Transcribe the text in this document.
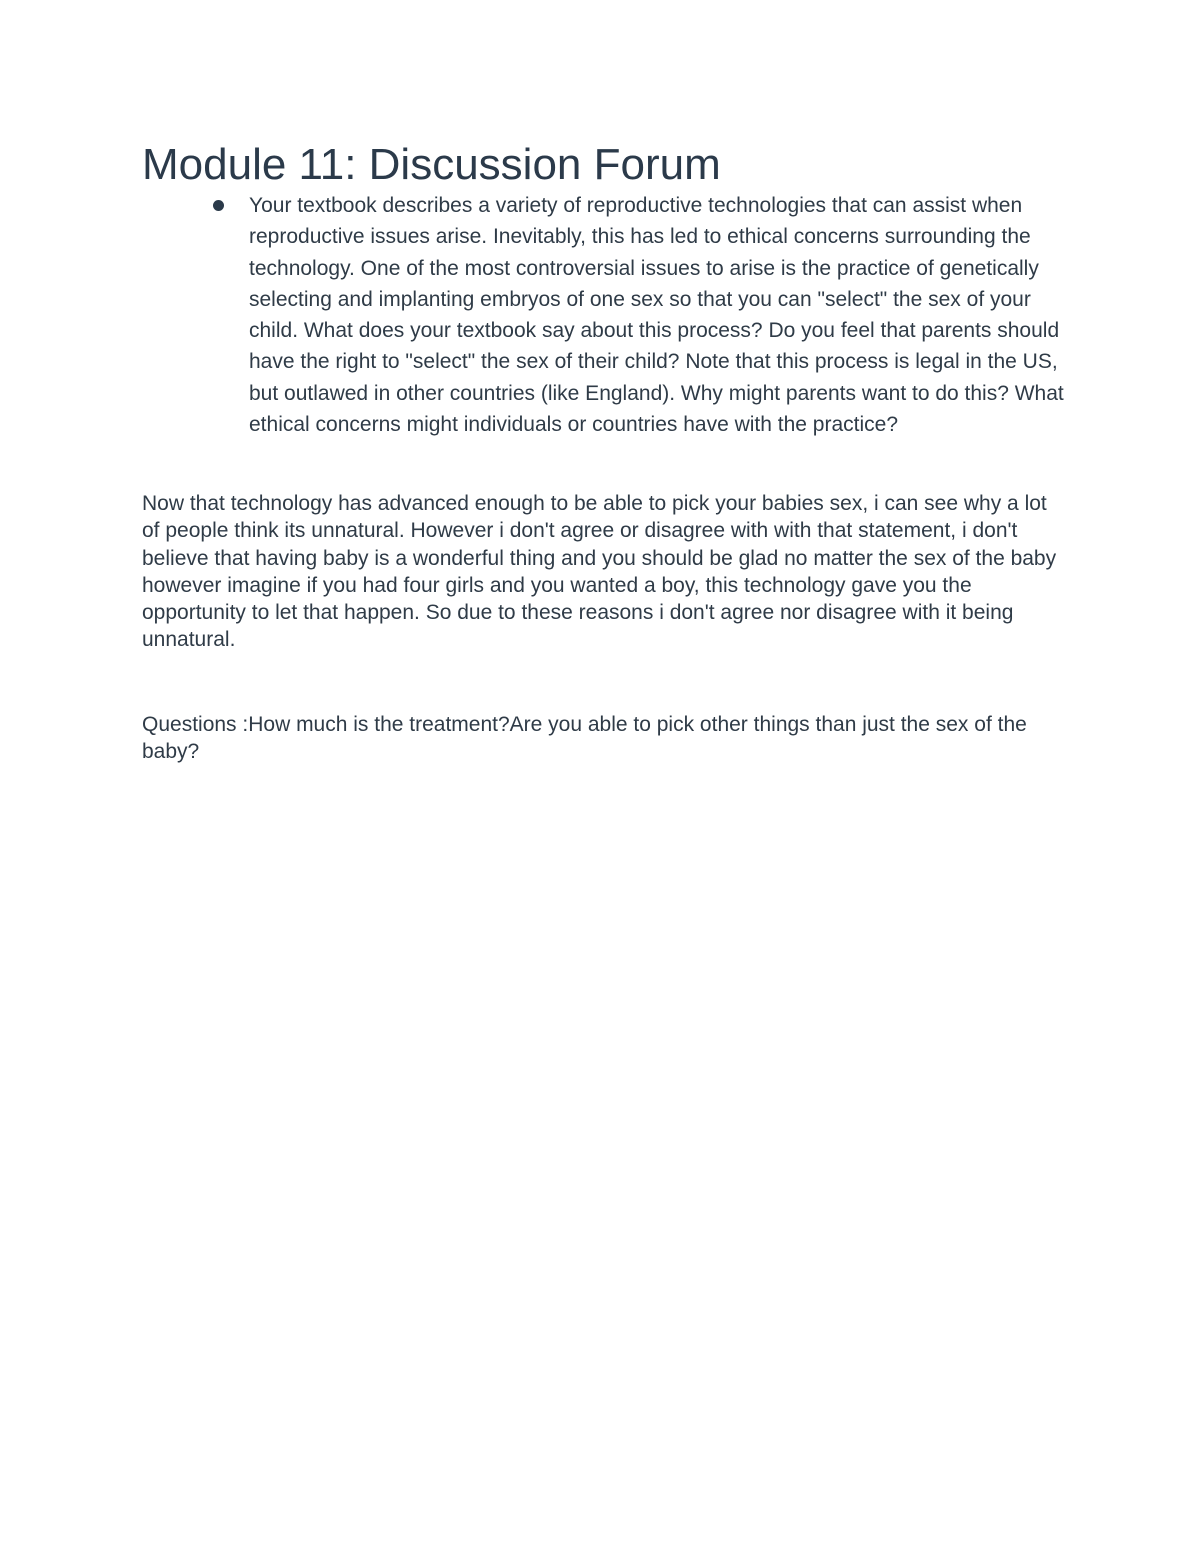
Module 11: Discussion Forum
Your textbook describes a variety of reproductive technologies that can assist when reproductive issues arise. Inevitably, this has led to ethical concerns surrounding the technology. One of the most controversial issues to arise is the practice of genetically selecting and implanting embryos of one sex so that you can "select" the sex of your child. What does your textbook say about this process? Do you feel that parents should have the right to "select" the sex of their child? Note that this process is legal in the US, but outlawed in other countries (like England). Why might parents want to do this? What ethical concerns might individuals or countries have with the practice?

Now that technology has advanced enough to be able to pick your babies sex, i can see why a lot of people think its unnatural. However i don't agree or disagree with with that statement, i don't believe that having baby is a wonderful thing and you should be glad no matter the sex of the baby however imagine if you had four girls and you wanted a boy, this technology gave you the opportunity to let that happen. So due to these reasons i don't agree nor disagree with it being unnatural.

Questions :How much is the treatment?Are you able to pick other things than just the sex of the baby?
